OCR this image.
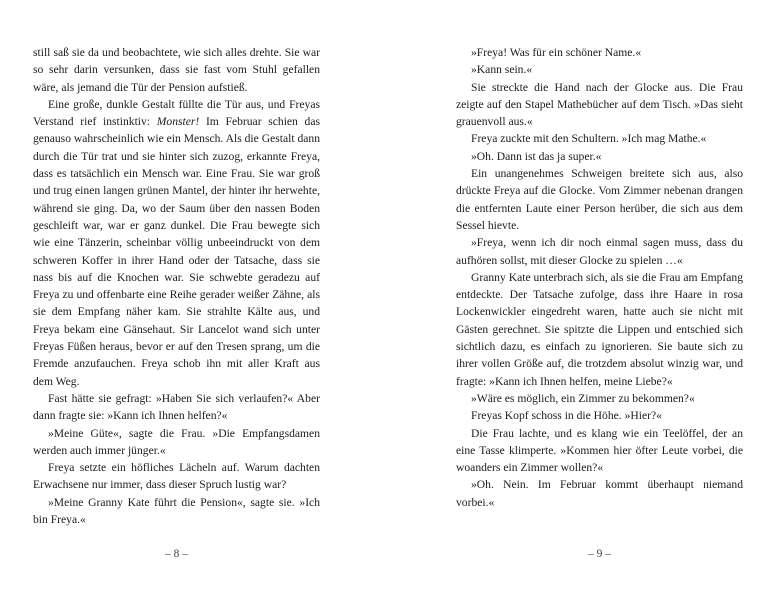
still saß sie da und beobachtete, wie sich alles drehte. Sie war so sehr darin versunken, dass sie fast vom Stuhl gefallen wäre, als jemand die Tür der Pension aufstieß.

Eine große, dunkle Gestalt füllte die Tür aus, und Freyas Verstand rief instinktiv: Monster! Im Februar schien das genauso wahrscheinlich wie ein Mensch. Als die Gestalt dann durch die Tür trat und sie hinter sich zuzog, erkannte Freya, dass es tatsächlich ein Mensch war. Eine Frau. Sie war groß und trug einen langen grünen Mantel, der hinter ihr herwehte, während sie ging. Da, wo der Saum über den nassen Boden geschleift war, war er ganz dunkel. Die Frau bewegte sich wie eine Tänzerin, scheinbar völlig unbeeindruckt von dem schweren Koffer in ihrer Hand oder der Tatsache, dass sie nass bis auf die Knochen war. Sie schwebte geradezu auf Freya zu und offenbarte eine Reihe gerader weißer Zähne, als sie dem Empfang näher kam. Sie strahlte Kälte aus, und Freya bekam eine Gänsehaut. Sir Lancelot wand sich unter Freyas Füßen heraus, bevor er auf den Tresen sprang, um die Fremde anzufauchen. Freya schob ihn mit aller Kraft aus dem Weg.

Fast hätte sie gefragt: »Haben Sie sich verlaufen?« Aber dann fragte sie: »Kann ich Ihnen helfen?«

»Meine Güte«, sagte die Frau. »Die Empfangsdamen werden auch immer jünger.«

Freya setzte ein höfliches Lächeln auf. Warum dachten Erwachsene nur immer, dass dieser Spruch lustig war?

»Meine Granny Kate führt die Pension«, sagte sie. »Ich bin Freya.«

»Freya! Was für ein schöner Name.«

»Kann sein.«

Sie streckte die Hand nach der Glocke aus. Die Frau zeigte auf den Stapel Mathebücher auf dem Tisch. »Das sieht grauenvoll aus.«

Freya zuckte mit den Schultern. »Ich mag Mathe.«

»Oh. Dann ist das ja super.«

Ein unangenehmes Schweigen breitete sich aus, also drückte Freya auf die Glocke. Vom Zimmer nebenan drangen die entfernten Laute einer Person herüber, die sich aus dem Sessel hievte.

»Freya, wenn ich dir noch einmal sagen muss, dass du aufhören sollst, mit dieser Glocke zu spielen …«

Granny Kate unterbrach sich, als sie die Frau am Empfang entdeckte. Der Tatsache zufolge, dass ihre Haare in rosa Lockenwickler eingedreht waren, hatte auch sie nicht mit Gästen gerechnet. Sie spitzte die Lippen und entschied sich sichtlich dazu, es einfach zu ignorieren. Sie baute sich zu ihrer vollen Größe auf, die trotzdem absolut winzig war, und fragte: »Kann ich Ihnen helfen, meine Liebe?«

»Wäre es möglich, ein Zimmer zu bekommen?«

Freyas Kopf schoss in die Höhe. »Hier?«

Die Frau lachte, und es klang wie ein Teelöffel, der an eine Tasse klimperte. »Kommen hier öfter Leute vorbei, die woanders ein Zimmer wollen?«

»Oh. Nein. Im Februar kommt überhaupt niemand vorbei.«

– 8 –	– 9 –
